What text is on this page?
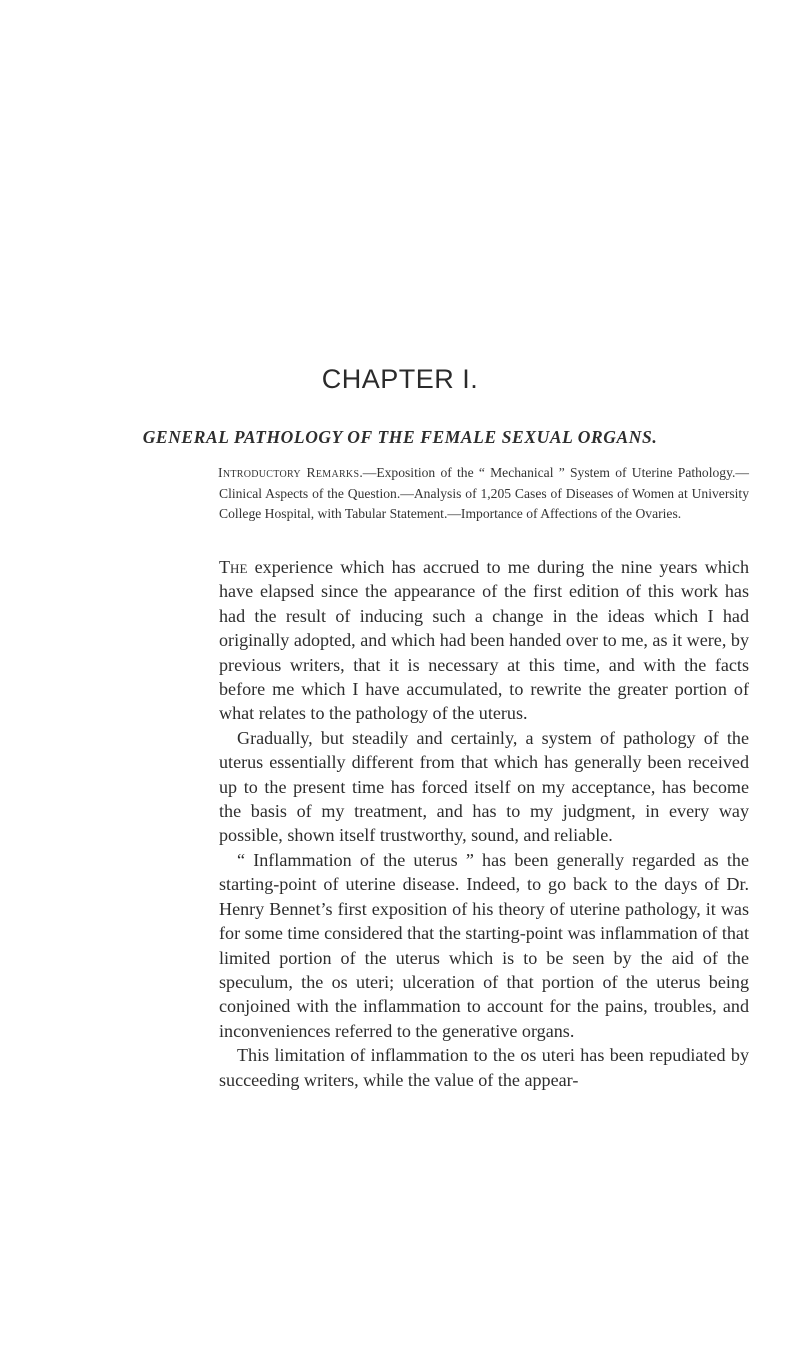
CHAPTER I.
GENERAL PATHOLOGY OF THE FEMALE SEXUAL ORGANS.

Introductory Remarks.—Exposition of the “ Mechanical ” System of Uterine Pathology.—Clinical Aspects of the Question.—Analysis of 1,205 Cases of Diseases of Women at University College Hospital, with Tabular Statement.—Importance of Affections of the Ovaries.

The experience which has accrued to me during the nine years which have elapsed since the appearance of the first edition of this work has had the result of inducing such a change in the ideas which I had originally adopted, and which had been handed over to me, as it were, by previous writers, that it is necessary at this time, and with the facts before me which I have accumulated, to rewrite the greater portion of what relates to the pathology of the uterus.

Gradually, but steadily and certainly, a system of pathology of the uterus essentially different from that which has generally been received up to the present time has forced itself on my acceptance, has become the basis of my treatment, and has to my judgment, in every way possible, shown itself trustworthy, sound, and reliable.

“ Inflammation of the uterus ” has been generally regarded as the starting-point of uterine disease. Indeed, to go back to the days of Dr. Henry Bennet’s first exposition of his theory of uterine pathology, it was for some time considered that the starting-point was inflammation of that limited portion of the uterus which is to be seen by the aid of the speculum, the os uteri; ulceration of that portion of the uterus being conjoined with the inflammation to account for the pains, troubles, and inconveniences referred to the generative organs.

This limitation of inflammation to the os uteri has been repudiated by succeeding writers, while the value of the appear-
